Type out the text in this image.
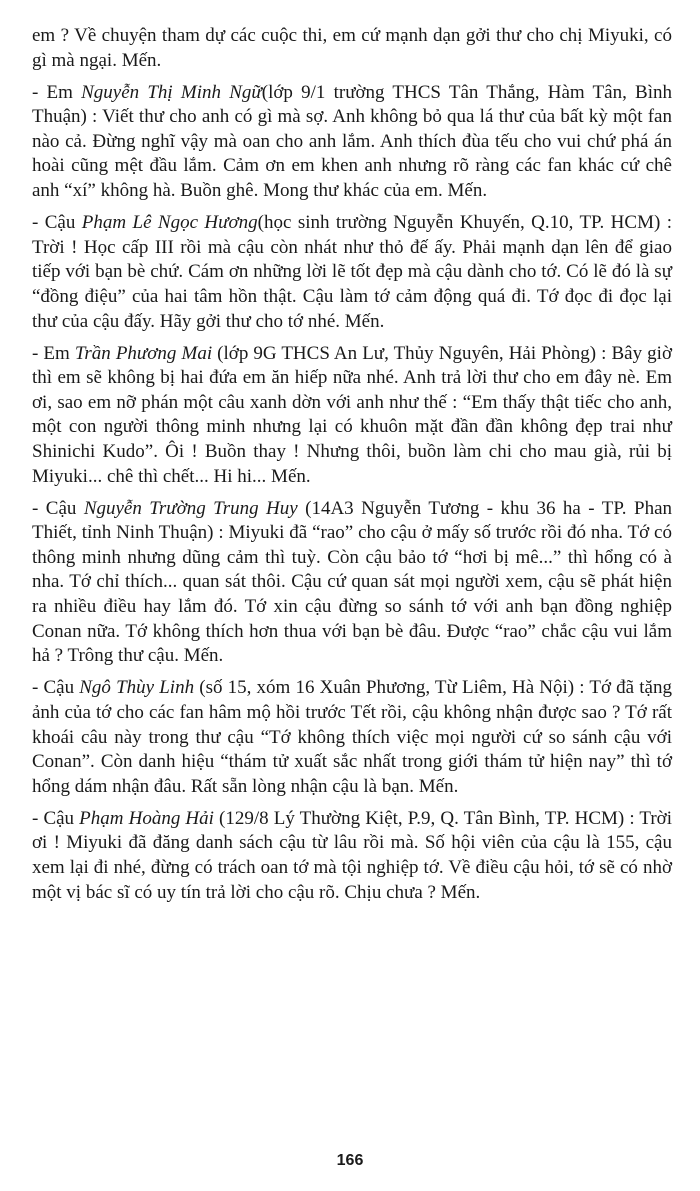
em ? Về chuyện tham dự các cuộc thi, em cứ mạnh dạn gởi thư cho chị Miyuki, có gì mà ngại. Mến.

- Em Nguyễn Thị Minh Ngữ(lớp 9/1 trường THCS Tân Thắng, Hàm Tân, Bình Thuận) : Viết thư cho anh có gì mà sợ. Anh không bỏ qua lá thư của bất kỳ một fan nào cả. Đừng nghĩ vậy mà oan cho anh lắm. Anh thích đùa tếu cho vui chứ phá án hoài cũng mệt đầu lắm. Cảm ơn em khen anh nhưng rõ ràng các fan khác cứ chê anh “xí” không hà. Buồn ghê. Mong thư khác của em. Mến.

- Cậu Phạm Lê Ngọc Hương(học sinh trường Nguyễn Khuyến, Q.10, TP. HCM) : Trời ! Học cấp III rồi mà cậu còn nhát như thỏ đế ấy. Phải mạnh dạn lên để giao tiếp với bạn bè chứ. Cám ơn những lời lẽ tốt đẹp mà cậu dành cho tớ. Có lẽ đó là sự “đồng điệu” của hai tâm hồn thật. Cậu làm tớ cảm động quá đi. Tớ đọc đi đọc lại thư của cậu đấy. Hãy gởi thư cho tớ nhé. Mến.

- Em Trần Phương Mai (lớp 9G THCS An Lư, Thủy Nguyên, Hải Phòng) : Bây giờ thì em sẽ không bị hai đứa em ăn hiếp nữa nhé. Anh trả lời thư cho em đây nè. Em ơi, sao em nỡ phán một câu xanh dờn với anh như thế : “Em thấy thật tiếc cho anh, một con người thông minh nhưng lại có khuôn mặt đần đần không đẹp trai như Shinichi Kudo”. Ôi ! Buồn thay ! Nhưng thôi, buồn làm chi cho mau già, rủi bị Miyuki... chê thì chết... Hi hi... Mến.

- Cậu Nguyễn Trường Trung Huy (14A3 Nguyễn Tương - khu 36 ha - TP. Phan Thiết, tỉnh Ninh Thuận) : Miyuki đã “rao” cho cậu ở mấy số trước rồi đó nha. Tớ có thông minh nhưng dũng cảm thì tuỳ. Còn cậu bảo tớ “hơi bị mê...” thì hổng có à nha. Tớ chỉ thích... quan sát thôi. Cậu cứ quan sát mọi người xem, cậu sẽ phát hiện ra nhiều điều hay lắm đó. Tớ xin cậu đừng so sánh tớ với anh bạn đồng nghiệp Conan nữa. Tớ không thích hơn thua với bạn bè đâu. Được “rao” chắc cậu vui lắm hả ? Trông thư cậu. Mến.

- Cậu Ngô Thùy Linh (số 15, xóm 16 Xuân Phương, Từ Liêm, Hà Nội) : Tớ đã tặng ảnh của tớ cho các fan hâm mộ hồi trước Tết rồi, cậu không nhận được sao ? Tớ rất khoái câu này trong thư cậu “Tớ không thích việc mọi người cứ so sánh cậu với Conan”. Còn danh hiệu “thám tử xuất sắc nhất trong giới thám tử hiện nay” thì tớ hổng dám nhận đâu. Rất sẵn lòng nhận cậu là bạn. Mến.

- Cậu Phạm Hoàng Hải (129/8 Lý Thường Kiệt, P.9, Q. Tân Bình, TP. HCM) : Trời ơi ! Miyuki đã đăng danh sách cậu từ lâu rồi mà. Số hội viên của cậu là 155, cậu xem lại đi nhé, đừng có trách oan tớ mà tội nghiệp tớ. Về điều cậu hỏi, tớ sẽ có nhờ một vị bác sĩ có uy tín trả lời cho cậu rõ. Chịu chưa ? Mến.

166
